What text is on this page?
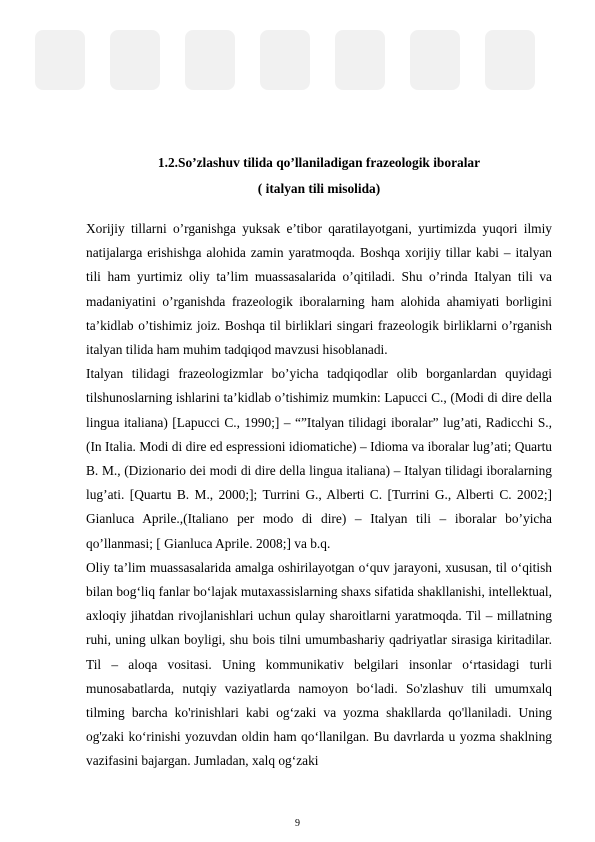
1.2.So’zlashuv tilida qo’llaniladigan frazeologik iboralar

( italyan tili misolida)

Xorijiy tillarni o’rganishga yuksak e’tibor qaratilayotgani, yurtimizda yuqori ilmiy natijalarga erishishga alohida zamin yaratmoqda. Boshqa xorijiy tillar kabi – italyan tili ham yurtimiz oliy ta’lim muassasalarida o’qitiladi. Shu o’rinda Italyan tili va madaniyatini o’rganishda frazeologik iboralarning ham alohida ahamiyati borligini ta’kidlab o’tishimiz joiz. Boshqa til birliklari singari frazeologik birliklarni o’rganish italyan tilida ham muhim tadqiqod mavzusi hisoblanadi.

Italyan tilidagi frazeologizmlar bo’yicha tadqiqodlar olib borganlardan quyidagi tilshunoslarning ishlarini ta’kidlab o’tishimiz mumkin: Lapucci C., (Modi di dire della lingua italiana) [Lapucci C., 1990;] – “”Italyan tilidagi iboralar” lug’ati, Radicchi S., (In Italia. Modi di dire ed espressioni idiomatiche) – Idioma va iboralar lug’ati; Quartu B. M., (Dizionario dei modi di dire della lingua italiana) – Italyan tilidagi iboralarning lug’ati. [Quartu B. M., 2000;]; Turrini G., Alberti C. [Turrini G., Alberti C. 2002;] Gianluca Aprile.,(Italiano per modo di dire) – Italyan tili – iboralar bo’yicha qo’llanmasi; [ Gianluca Aprile. 2008;] va b.q.

Oliy ta’lim muassasalarida amalga oshirilayotgan o‘quv jarayoni, xususan, til o‘qitish bilan bog‘liq fanlar bo‘lajak mutaxassislarning shaxs sifatida shakllanishi, intellektual, axloqiy jihatdan rivojlanishlari uchun qulay sharoitlarni yaratmoqda. Til – millatning ruhi, uning ulkan boyligi, shu bois tilni umumbashariy qadriyatlar sirasiga kiritadilar. Til – aloqa vositasi. Uning kommunikativ belgilari insonlar o‘rtasidagi turli munosabatlarda, nutqiy vaziyatlarda namoyon bo‘ladi. So'zlashuv tili umumxalq tilming barcha ko'rinishlari kabi og‘zaki va yozma shakllarda qo'llaniladi. Uning og'zaki ko‘rinishi yozuvdan oldin ham qo‘llanilgan. Bu davrlarda u yozma shaklning vazifasini bajargan. Jumladan, xalq og‘zaki

9
